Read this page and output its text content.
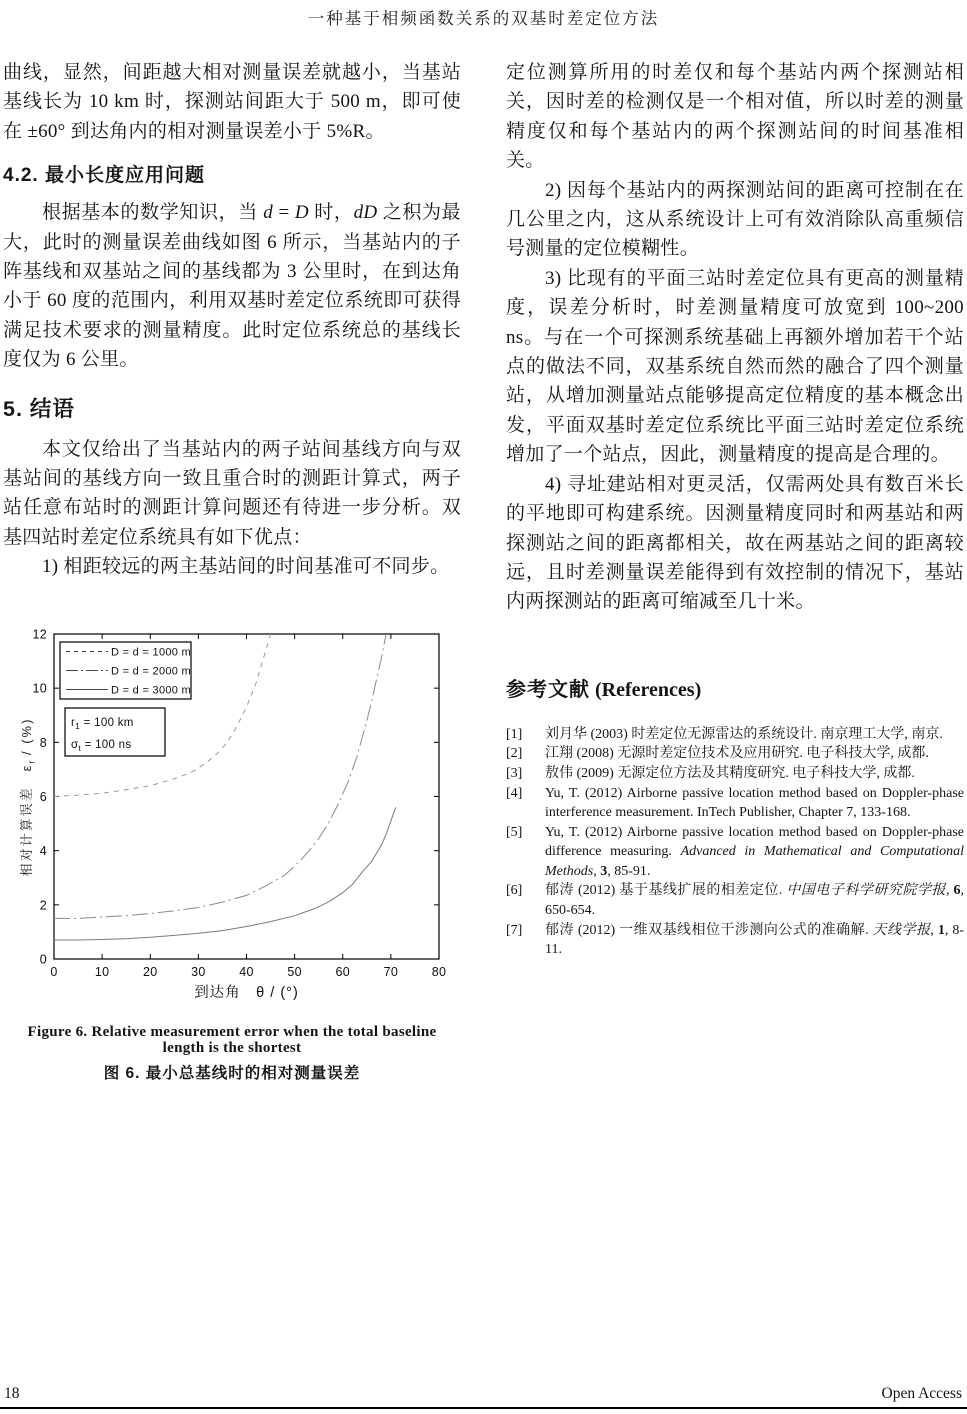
一种基于相频函数关系的双基时差定位方法

曲线，显然，间距越大相对测量误差就越小，当基站基线长为 10 km 时，探测站间距大于 500 m，即可使在 ±60° 到达角内的相对测量误差小于 5%R。

4.2. 最小长度应用问题

根据基本的数学知识，当 d = D 时，dD 之积为最大，此时的测量误差曲线如图 6 所示，当基站内的子阵基线和双基站之间的基线都为 3 公里时，在到达角小于 60 度的范围内，利用双基时差定位系统即可获得满足技术要求的测量精度。此时定位系统总的基线长度仅为 6 公里。

5. 结语

本文仅给出了当基站内的两子站间基线方向与双基站间的基线方向一致且重合时的测距计算式，两子站任意布站时的测距计算问题还有待进一步分析。双基四站时差定位系统具有如下优点：

1) 相距较远的两主基站间的时间基准可不同步。

0	10	20	30	40	50	60	70	80
0
2
4
6
8
10
12
到达角　θ / (°)
D = d = 1000 m
D = d = 2000 m
D = d = 3000 m
$r_1 = 100$ km
$\sigma_t = 100$ ns
相对计算误差　$\varepsilon_r$ / (%)

Figure 6. Relative measurement error when the total baseline

length is the shortest

图 6. 最小总基线时的相对测量误差

定位测算所用的时差仅和每个基站内两个探测站相关，因时差的检测仅是一个相对值，所以时差的测量精度仅和每个基站内的两个探测站间的时间基准相关。

2) 因每个基站内的两探测站间的距离可控制在在几公里之内，这从系统设计上可有效消除队高重频信号测量的定位模糊性。

3) 比现有的平面三站时差定位具有更高的测量精度，误差分析时，时差测量精度可放宽到 100~200 ns。与在一个可探测系统基础上再额外增加若干个站点的做法不同，双基系统自然而然的融合了四个测量站，从增加测量站点能够提高定位精度的基本概念出发，平面双基时差定位系统比平面三站时差定位系统增加了一个站点，因此，测量精度的提高是合理的。

4) 寻址建站相对更灵活，仅需两处具有数百米长的平地即可构建系统。因测量精度同时和两基站和两探测站之间的距离都相关，故在两基站之间的距离较远，且时差测量误差能得到有效控制的情况下，基站内两探测站的距离可缩减至几十米。

参考文献 (References)
[1]	刘月华 (2003) 时差定位无源雷达的系统设计. 南京理工大学, 南京.
[2]	江翔 (2008) 无源时差定位技术及应用研究. 电子科技大学, 成都.
[3]	敖伟 (2009) 无源定位方法及其精度研究. 电子科技大学, 成都.
[4]	Yu, T. (2012) Airborne passive location method based on Doppler-phase interference measurement. InTech Publisher, Chapter 7, 133-168.
[5]	Yu, T. (2012) Airborne passive location method based on Doppler-phase difference measuring. Advanced in Mathematical and Computational Methods, 3, 85-91.
[6]	郁涛 (2012) 基于基线扩展的相差定位. 中国电子科学研究院学报, 6, 650-654.
[7]	郁涛 (2012) 一维双基线相位干涉测向公式的准确解. 天线学报, 1, 8-11.
18	Open Access
